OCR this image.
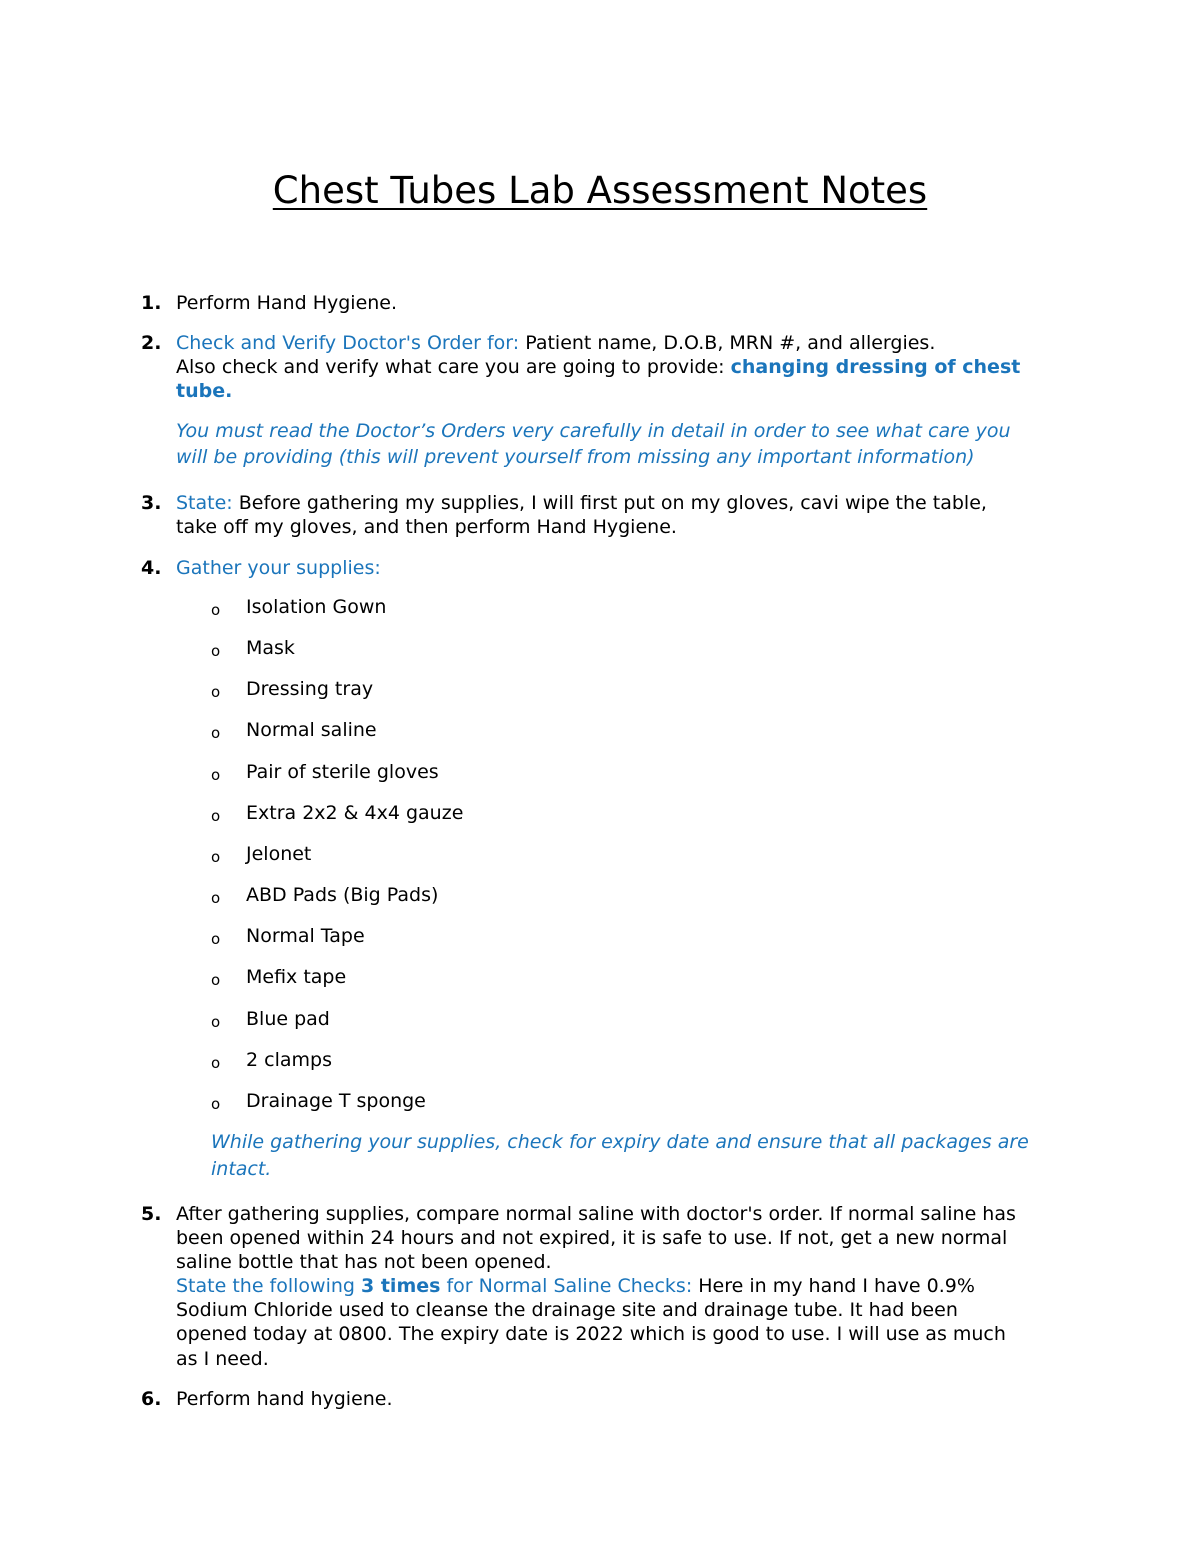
Chest Tubes Lab Assessment Notes
1. Perform Hand Hygiene.
2. Check and Verify Doctor's Order for: Patient name, D.O.B, MRN #, and allergies.
Also check and verify what care you are going to provide: changing dressing of chest
tube.
You must read the Doctor’s Orders very carefully in detail in order to see what care you
will be providing (this will prevent yourself from missing any important information)
3. State: Before gathering my supplies, I will first put on my gloves, cavi wipe the table,
take off my gloves, and then perform Hand Hygiene.
4. Gather your supplies:
o Isolation Gown
o Mask
o Dressing tray
o Normal saline
o Pair of sterile gloves
o Extra 2x2 & 4x4 gauze
o Jelonet
o ABD Pads (Big Pads)
o Normal Tape
o Mefix tape
o Blue pad
o 2 clamps
o Drainage T sponge
While gathering your supplies, check for expiry date and ensure that all packages are
intact.
5. After gathering supplies, compare normal saline with doctor's order. If normal saline has
been opened within 24 hours and not expired, it is safe to use. If not, get a new normal
saline bottle that has not been opened.
State the following 3 times for Normal Saline Checks: Here in my hand I have 0.9%
Sodium Chloride used to cleanse the drainage site and drainage tube. It had been
opened today at 0800. The expiry date is 2022 which is good to use. I will use as much
as I need.
6. Perform hand hygiene.
